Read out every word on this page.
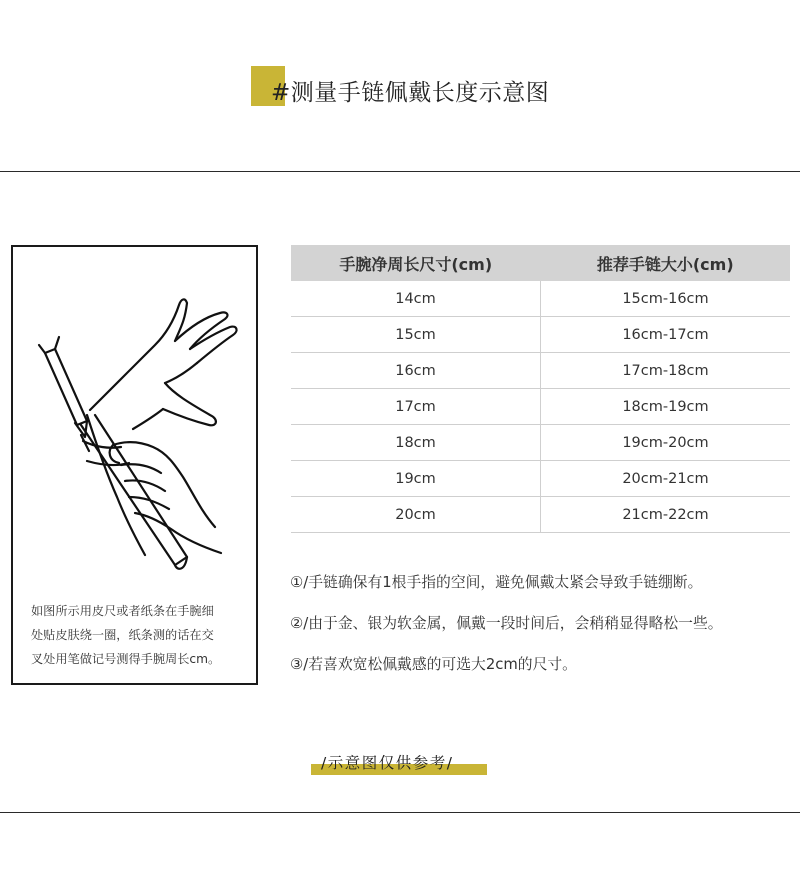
#测量手链佩戴长度示意图
如图所示用皮尺或者纸条在手腕细
处贴皮肤绕一圈，纸条测的话在交
叉处用笔做记号测得手腕周长cm。
手腕净周长尺寸(cm)	推荐手链大小(cm)
14cm	15cm-16cm
15cm	16cm-17cm
16cm	17cm-18cm
17cm	18cm-19cm
18cm	19cm-20cm
19cm	20cm-21cm
20cm	21cm-22cm
①/手链确保有1根手指的空间，避免佩戴太紧会导致手链绷断。
②/由于金、银为软金属，佩戴一段时间后，会稍稍显得略松一些。
③/若喜欢宽松佩戴感的可选大2cm的尺寸。
/示意图仅供参考/
